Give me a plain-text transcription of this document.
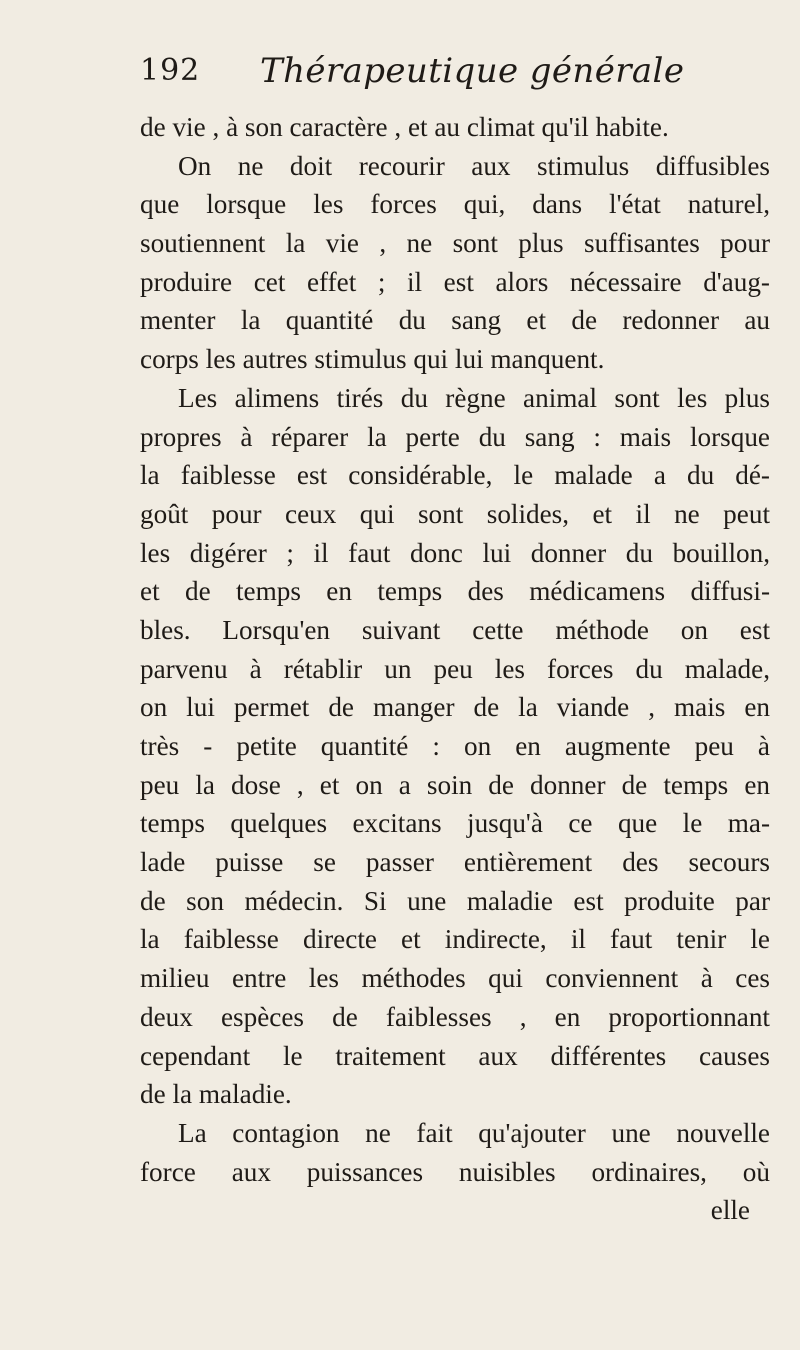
192 Thérapeutique générale
de vie , à son caractère , et au climat qu'il habite.
On ne doit recourir aux stimulus diffusibles
que lorsque les forces qui, dans l'état naturel,
soutiennent la vie , ne sont plus suffisantes pour
produire cet effet ; il est alors nécessaire d'aug-
menter la quantité du sang et de redonner au
corps les autres stimulus qui lui manquent.
Les alimens tirés du règne animal sont les plus
propres à réparer la perte du sang : mais lorsque
la faiblesse est considérable, le malade a du dé-
goût pour ceux qui sont solides, et il ne peut
les digérer ; il faut donc lui donner du bouillon,
et de temps en temps des médicamens diffusi-
bles. Lorsqu'en suivant cette méthode on est
parvenu à rétablir un peu les forces du malade,
on lui permet de manger de la viande , mais en
très - petite quantité : on en augmente peu à
peu la dose , et on a soin de donner de temps en
temps quelques excitans jusqu'à ce que le ma-
lade puisse se passer entièrement des secours
de son médecin. Si une maladie est produite par
la faiblesse directe et indirecte, il faut tenir le
milieu entre les méthodes qui conviennent à ces
deux espèces de faiblesses , en proportionnant
cependant le traitement aux différentes causes
de la maladie.
La contagion ne fait qu'ajouter une nouvelle
force aux puissances nuisibles ordinaires, où
elle
